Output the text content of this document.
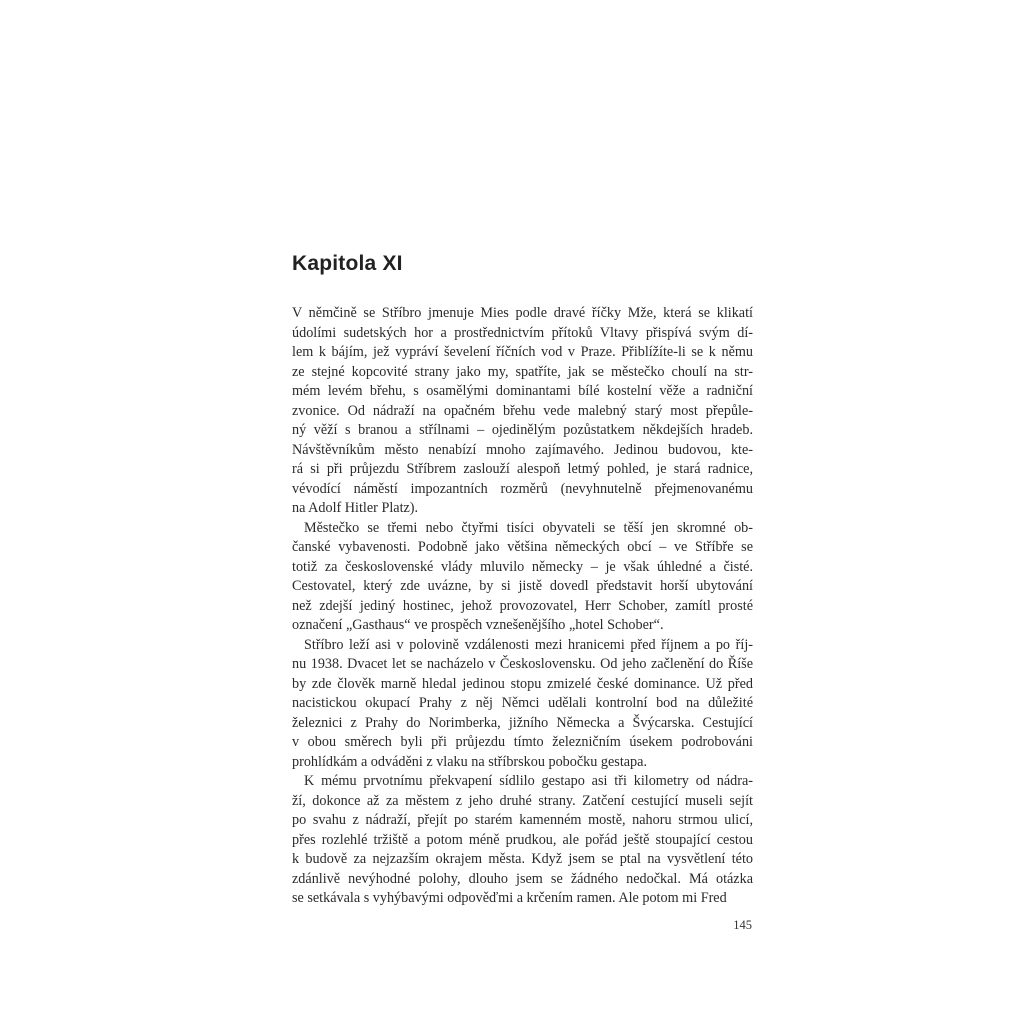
Kapitola XI
V němčině se Stříbro jmenuje Mies podle dravé říčky Mže, která se klikatí
údolími sudetských hor a prostřednictvím přítoků Vltavy přispívá svým dí-
lem k bájím, jež vypráví ševelení říčních vod v Praze. Přiblížíte-li se k němu
ze stejné kopcovité strany jako my, spatříte, jak se městečko choulí na str-
mém levém břehu, s osamělými dominantami bílé kostelní věže a radniční
zvonice. Od nádraží na opačném břehu vede malebný starý most přepůle-
ný věží s branou a střílnami – ojedinělým pozůstatkem někdejších hradeb.
Návštěvníkům město nenabízí mnoho zajímavého. Jedinou budovou, kte-
rá si při průjezdu Stříbrem zaslouží alespoň letmý pohled, je stará radnice,
vévodící náměstí impozantních rozměrů (nevyhnutelně přejmenovanému
na Adolf Hitler Platz).
Městečko se třemi nebo čtyřmi tisíci obyvateli se těší jen skromné ob-
čanské vybavenosti. Podobně jako většina německých obcí – ve Stříbře se
totiž za československé vlády mluvilo německy – je však úhledné a čisté.
Cestovatel, který zde uvázne, by si jistě dovedl představit horší ubytování
než zdejší jediný hostinec, jehož provozovatel, Herr Schober, zamítl prosté
označení „Gasthaus“ ve prospěch vznešenějšího „hotel Schober“.
Stříbro leží asi v polovině vzdálenosti mezi hranicemi před říjnem a po říj-
nu 1938. Dvacet let se nacházelo v Československu. Od jeho začlenění do Říše
by zde člověk marně hledal jedinou stopu zmizelé české dominance. Už před
nacistickou okupací Prahy z něj Němci udělali kontrolní bod na důležité
železnici z Prahy do Norimberka, jižního Německa a Švýcarska. Cestující
v obou směrech byli při průjezdu tímto železničním úsekem podrobováni
prohlídkám a odváděni z vlaku na stříbrskou pobočku gestapa.
K mému prvotnímu překvapení sídlilo gestapo asi tři kilometry od nádra-
ží, dokonce až za městem z jeho druhé strany. Zatčení cestující museli sejít
po svahu z nádraží, přejít po starém kamenném mostě, nahoru strmou ulicí,
přes rozlehlé tržiště a potom méně prudkou, ale pořád ještě stoupající cestou
k budově za nejzazším okrajem města. Když jsem se ptal na vysvětlení této
zdánlivě nevýhodné polohy, dlouho jsem se žádného nedočkal. Má otázka
se setkávala s vyhýbavými odpověďmi a krčením ramen. Ale potom mi Fred
145
